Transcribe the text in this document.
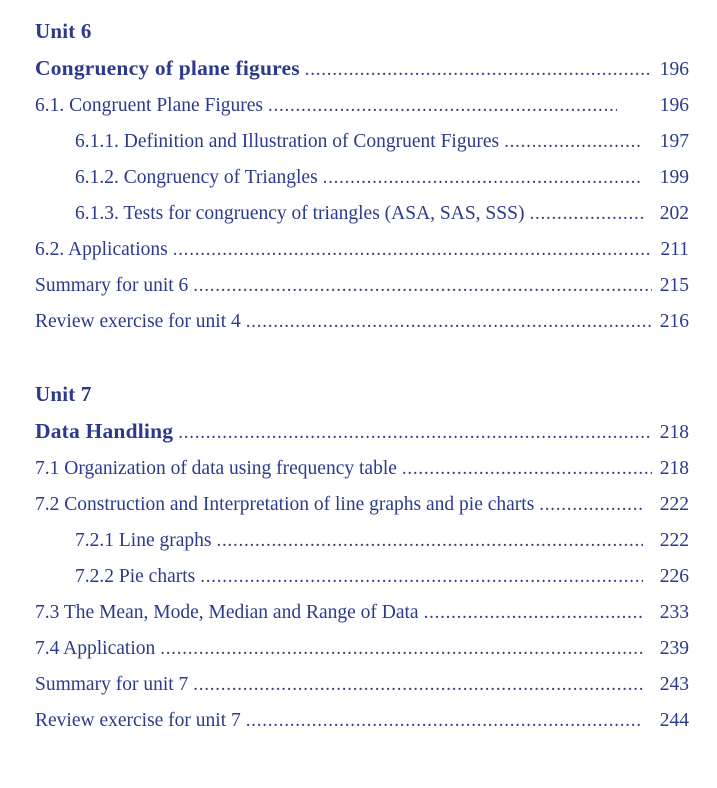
Unit 6
Congruency of plane figures . . .	196
6.1. Congruent Plane Figures . . .	196
6.1.1. Definition and Illustration of Congruent Figures . . .	197
6.1.2. Congruency of Triangles . . .	199
6.1.3. Tests for congruency of triangles (ASA, SAS, SSS) . . .	202
6.2. Applications . . .	211
Summary for unit 6 . . .	215
Review exercise for unit 4 . . .	216
Unit 7
Data Handling . . .	218
7.1 Organization of data using frequency table . . .	218
7.2 Construction and Interpretation of line graphs and pie charts . . .	222
7.2.1 Line graphs . . .	222
7.2.2 Pie charts . . .	226
7.3 The Mean, Mode, Median and Range of Data . . .	233
7.4 Application . . .	239
Summary for unit 7 . . .	243
Review exercise for unit 7 . . .	244
